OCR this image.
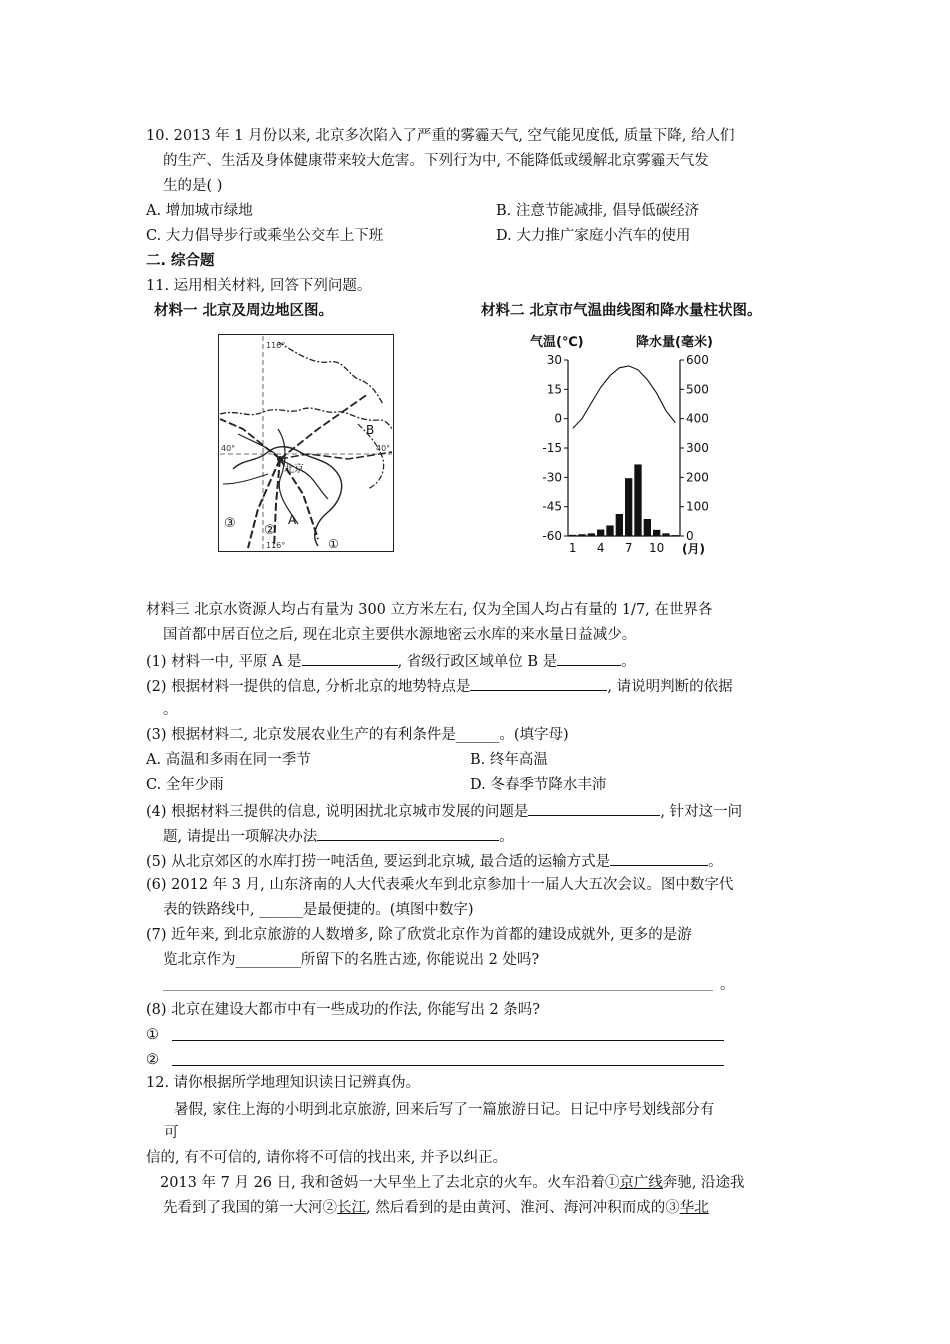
10. 2013 年 1 月份以来, 北京多次陷入了严重的雾霾天气, 空气能见度低, 质量下降, 给人们
的生产、生活及身体健康带来较大危害。下列行为中, 不能降低或缓解北京雾霾天气发
生的是( )
A. 增加城市绿地	B. 注意节能减排, 倡导低碳经济
C. 大力倡导步行或乘坐公交车上下班	D. 大力推广家庭小汽车的使用
二. 综合题
11. 运用相关材料, 回答下列问题。
材料一 北京及周边地区图。	材料二 北京市气温曲线图和降水量柱状图。
116°
116°
40°	40°
北京
A
B
①
②
③
气温(℃)	降水量(毫米)
30
15
0
-15
-30
-45
-60
600
500
400
300
200
100
0
1 4 7 10 (月)
材料三 北京水资源人均占有量为 300 立方米左右, 仅为全国人均占有量的 1/7, 在世界各
国首都中居百位之后, 现在北京主要供水源地密云水库的来水量日益减少。
(1) 材料一中, 平原 A 是	, 省级行政区域单位 B 是	。
(2) 根据材料一提供的信息, 分析北京的地势特点是	, 请说明判断的依据
。
(3) 根据材料二, 北京发展农业生产的有利条件是______。(填字母)
A. 高温和多雨在同一季节	B. 终年高温
C. 全年少雨	D. 冬春季节降水丰沛
(4) 根据材料三提供的信息, 说明困扰北京城市发展的问题是	, 针对这一问
题, 请提出一项解决办法	。
(5) 从北京郊区的水库打捞一吨活鱼, 要运到北京城, 最合适的运输方式是	。
(6) 2012 年 3 月, 山东济南的人大代表乘火车到北京参加十一届人大五次会议。图中数字代
表的铁路线中, ______是最便捷的。(填图中数字)
(7) 近年来, 到北京旅游的人数增多, 除了欣赏北京作为首都的建设成就外, 更多的是游
览北京作为_________所留下的名胜古迹, 你能说出 2 处吗?
。
(8) 北京在建设大都市中有一些成功的作法, 你能写出 2 条吗?
①
②
12. 请你根据所学地理知识读日记辨真伪。
暑假, 家住上海的小明到北京旅游, 回来后写了一篇旅游日记。日记中序号划线部分有
可
信的, 有不可信的, 请你将不可信的找出来, 并予以纠正。
2013 年 7 月 26 日, 我和爸妈一大早坐上了去北京的火车。火车沿着①京广线奔驰, 沿途我
先看到了我国的第一大河②长江, 然后看到的是由黄河、淮河、海河冲积而成的③华北
